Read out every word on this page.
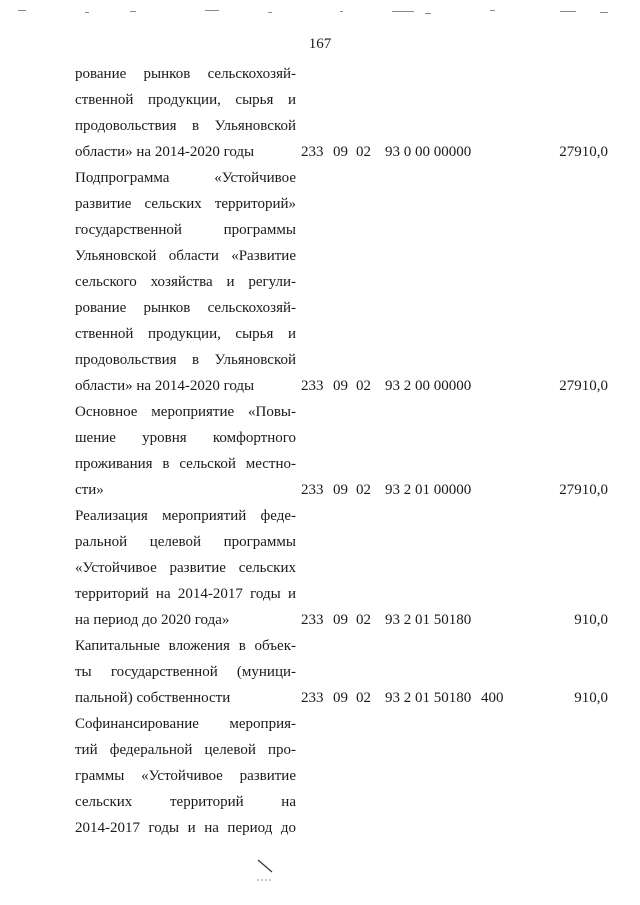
167
рование рынков сельскохозяй-
ственной продукции, сырья и
продовольствия в Ульяновской
области» на 2014-2020 годы	233 09 02 93 0 00 00000	27910,0
Подпрограмма «Устойчивое
развитие сельских территорий»
государственной программы
Ульяновской области «Развитие
сельского хозяйства и регули-
рование рынков сельскохозяй-
ственной продукции, сырья и
продовольствия в Ульяновской
области» на 2014-2020 годы	233 09 02 93 2 00 00000	27910,0
Основное мероприятие «Повы-
шение уровня комфортного
проживания в сельской местно-
сти»	233 09 02 93 2 01 00000	27910,0
Реализация мероприятий феде-
ральной целевой программы
«Устойчивое развитие сельских
территорий на 2014-2017 годы и
на период до 2020 года»	233 09 02 93 2 01 50180	910,0
Капитальные вложения в объек-
ты государственной (муници-
пальной) собственности	233 09 02 93 2 01 50180 400	910,0
Софинансирование мероприя-
тий федеральной целевой про-
граммы «Устойчивое развитие
сельских территорий на
2014-2017 годы и на период до
